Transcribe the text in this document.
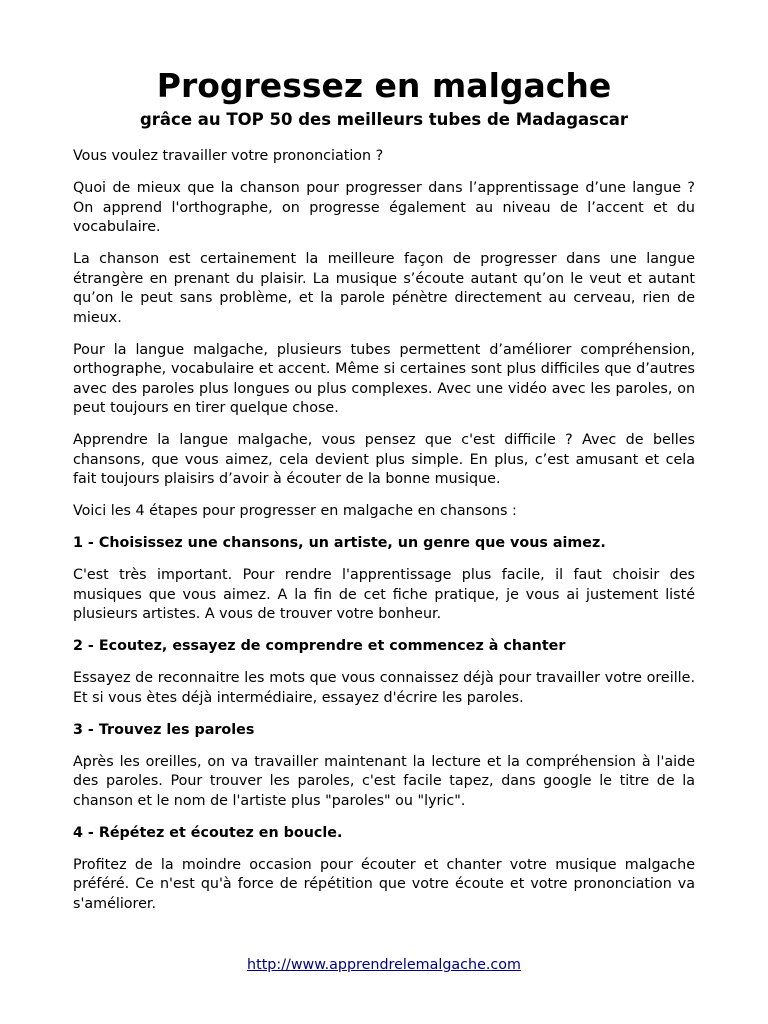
Progressez en malgache
grâce au TOP 50 des meilleurs tubes de Madagascar

Vous voulez travailler votre prononciation ?

Quoi de mieux que la chanson pour progresser dans l’apprentissage d’une langue ? On apprend l'orthographe, on progresse également au niveau de l’accent et du vocabulaire.

La chanson est certainement la meilleure façon de progresser dans une langue étrangère en prenant du plaisir. La musique s’écoute autant qu’on le veut et autant qu’on le peut sans problème, et la parole pénètre directement au cerveau, rien de mieux.

Pour la langue malgache, plusieurs tubes permettent d’améliorer compréhension, orthographe, vocabulaire et accent. Même si certaines sont plus difficiles que d’autres avec des paroles plus longues ou plus complexes. Avec une vidéo avec les paroles, on peut toujours en tirer quelque chose.

Apprendre la langue malgache, vous pensez que c'est difficile ? Avec de belles chansons, que vous aimez, cela devient plus simple. En plus, c’est amusant et cela fait toujours plaisirs d’avoir à écouter de la bonne musique.

Voici les 4 étapes pour progresser en malgache en chansons :

1 - Choisissez une chansons, un artiste, un genre que vous aimez.

C'est très important. Pour rendre l'apprentissage plus facile, il faut choisir des musiques que vous aimez. A la fin de cet fiche pratique, je vous ai justement listé plusieurs artistes. A vous de trouver votre bonheur.

2 - Ecoutez, essayez de comprendre et commencez à chanter

Essayez de reconnaitre les mots que vous connaissez déjà pour travailler votre oreille. Et si vous ètes déjà intermédiaire, essayez d'écrire les paroles.

3 - Trouvez les paroles

Après les oreilles, on va travailler maintenant la lecture et la compréhension à l'aide des paroles. Pour trouver les paroles, c'est facile tapez, dans google le titre de la chanson et le nom de l'artiste plus "paroles" ou "lyric".

4 - Répétez et écoutez en boucle.

Profitez de la moindre occasion pour écouter et chanter votre musique malgache préféré. Ce n'est qu'à force de répétition que votre écoute et votre prononciation va s'améliorer.

http://www.apprendrelemalgache.com
